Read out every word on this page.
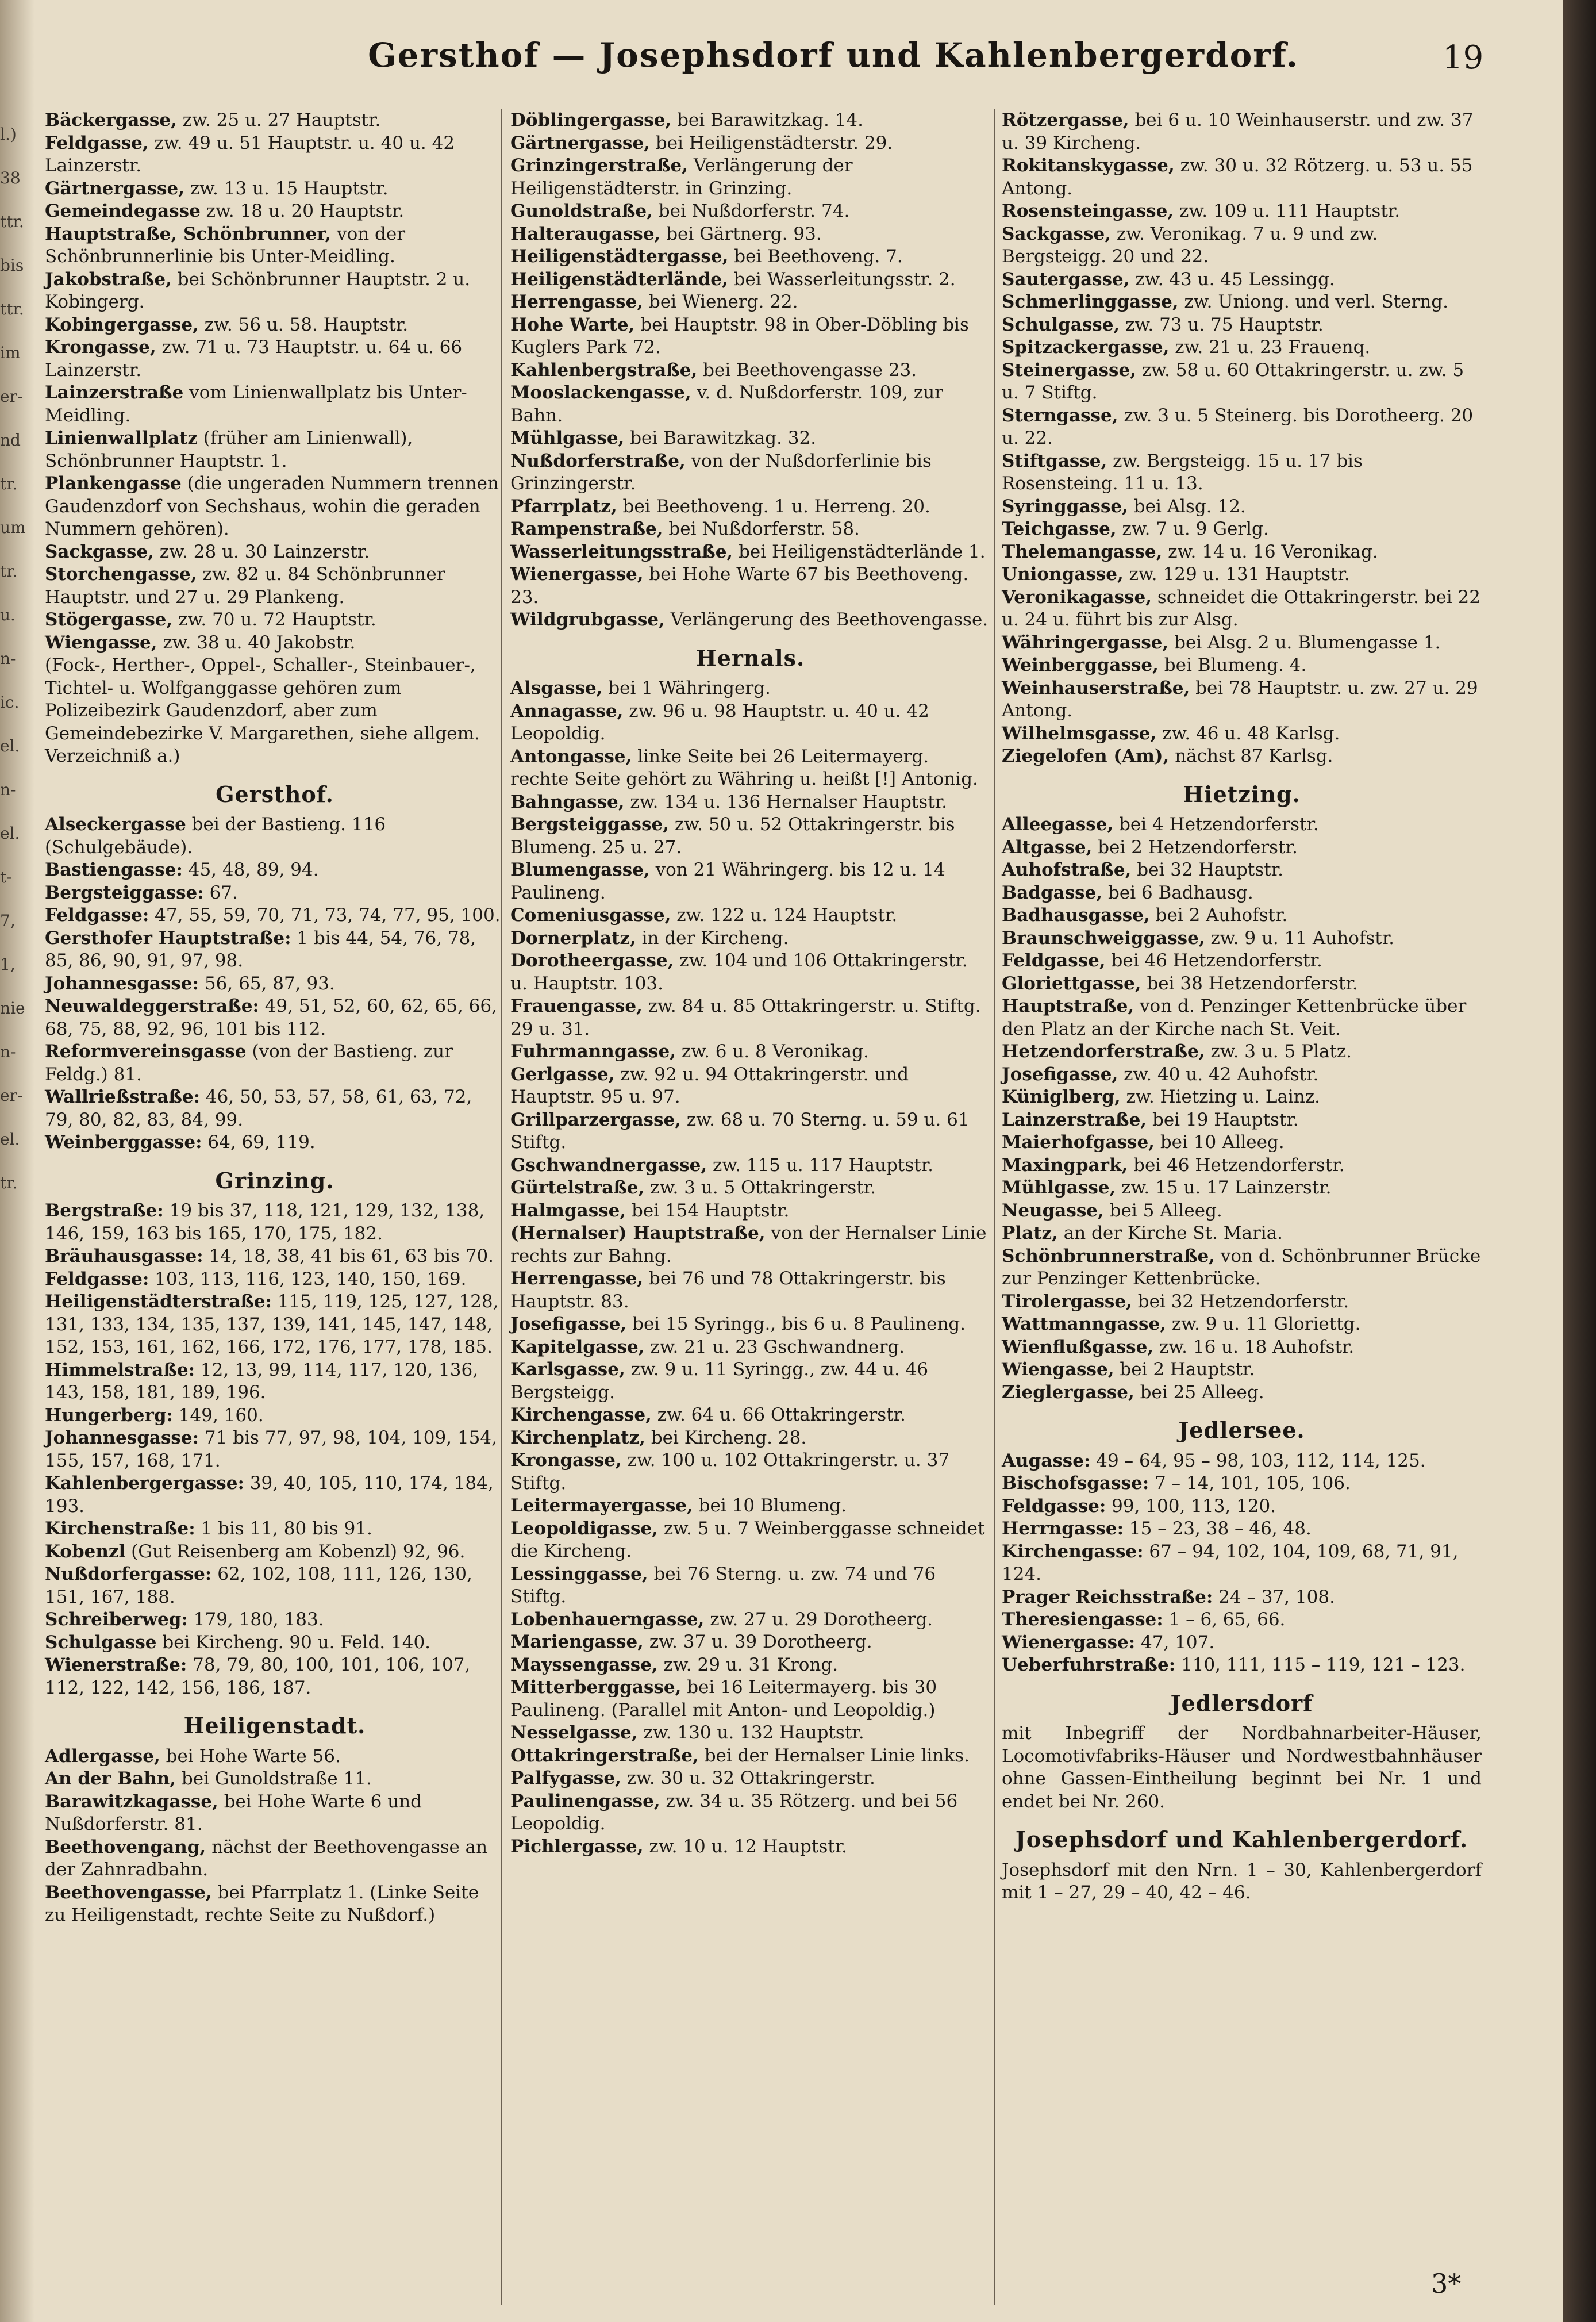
l.)
38
ttr.
bis
ttr.
im
er-
nd
tr.
um
tr.
u.
n-
ic.
el.
n-
el.
t-
7,
1,
nie
n-
er-
el.
tr.
Gersthof — Josephsdorf und Kahlenbergerdorf.	19
Bäckergasse, zw. 25 u. 27 Hauptstr.
Feldgasse, zw. 49 u. 51 Hauptstr. u. 40 u. 42 Lainzerstr.
Gärtnergasse, zw. 13 u. 15 Hauptstr.
Gemeindegasse zw. 18 u. 20 Hauptstr.
Hauptstraße, Schönbrunner, von der Schönbrunnerlinie bis Unter-Meidling.
Jakobstraße, bei Schönbrunner Hauptstr. 2 u. Kobingerg.
Kobingergasse, zw. 56 u. 58. Hauptstr.
Krongasse, zw. 71 u. 73 Hauptstr. u. 64 u. 66 Lainzerstr.
Lainzerstraße vom Linienwallplatz bis Unter-Meidling.
Linienwallplatz (früher am Linienwall), Schönbrunner Hauptstr. 1.
Plankengasse (die ungeraden Nummern trennen Gaudenzdorf von Sechshaus, wohin die geraden Nummern gehören).
Sackgasse, zw. 28 u. 30 Lainzerstr.
Storchengasse, zw. 82 u. 84 Schönbrunner Hauptstr. und 27 u. 29 Plankeng.
Stögergasse, zw. 70 u. 72 Hauptstr.
Wiengasse, zw. 38 u. 40 Jakobstr.
(Fock-, Herther-, Oppel-, Schaller-, Steinbauer-, Tichtel- u. Wolfganggasse gehören zum Polizeibezirk Gaudenzdorf, aber zum Gemeindebezirke V. Margarethen, siehe allgem. Verzeichniß a.)
Gersthof.
Alseckergasse bei der Bastieng. 116 (Schulgebäude).
Bastiengasse: 45, 48, 89, 94.
Bergsteiggasse: 67.
Feldgasse: 47, 55, 59, 70, 71, 73, 74, 77, 95, 100.
Gersthofer Hauptstraße: 1 bis 44, 54, 76, 78, 85, 86, 90, 91, 97, 98.
Johannesgasse: 56, 65, 87, 93.
Neuwaldeggerstraße: 49, 51, 52, 60, 62, 65, 66, 68, 75, 88, 92, 96, 101 bis 112.
Reformvereinsgasse (von der Bastieng. zur Feldg.) 81.
Wallrießstraße: 46, 50, 53, 57, 58, 61, 63, 72, 79, 80, 82, 83, 84, 99.
Weinberggasse: 64, 69, 119.
Grinzing.
Bergstraße: 19 bis 37, 118, 121, 129, 132, 138, 146, 159, 163 bis 165, 170, 175, 182.
Bräuhausgasse: 14, 18, 38, 41 bis 61, 63 bis 70.
Feldgasse: 103, 113, 116, 123, 140, 150, 169.
Heiligenstädterstraße: 115, 119, 125, 127, 128, 131, 133, 134, 135, 137, 139, 141, 145, 147, 148, 152, 153, 161, 162, 166, 172, 176, 177, 178, 185.
Himmelstraße: 12, 13, 99, 114, 117, 120, 136, 143, 158, 181, 189, 196.
Hungerberg: 149, 160.
Johannesgasse: 71 bis 77, 97, 98, 104, 109, 154, 155, 157, 168, 171.
Kahlenbergergasse: 39, 40, 105, 110, 174, 184, 193.
Kirchenstraße: 1 bis 11, 80 bis 91.
Kobenzl (Gut Reisenberg am Kobenzl) 92, 96.
Nußdorfergasse: 62, 102, 108, 111, 126, 130, 151, 167, 188.
Schreiberweg: 179, 180, 183.
Schulgasse bei Kircheng. 90 u. Feld. 140.
Wienerstraße: 78, 79, 80, 100, 101, 106, 107, 112, 122, 142, 156, 186, 187.
Heiligenstadt.
Adlergasse, bei Hohe Warte 56.
An der Bahn, bei Gunoldstraße 11.
Barawitzkagasse, bei Hohe Warte 6 und Nußdorferstr. 81.
Beethovengang, nächst der Beethovengasse an der Zahnradbahn.
Beethovengasse, bei Pfarrplatz 1. (Linke Seite zu Heiligenstadt, rechte Seite zu Nußdorf.)
Döblingergasse, bei Barawitzkag. 14.
Gärtnergasse, bei Heiligenstädterstr. 29.
Grinzingerstraße, Verlängerung der Heiligenstädterstr. in Grinzing.
Gunoldstraße, bei Nußdorferstr. 74.
Halteraugasse, bei Gärtnerg. 93.
Heiligenstädtergasse, bei Beethoveng. 7.
Heiligenstädterlände, bei Wasserleitungsstr. 2.
Herrengasse, bei Wienerg. 22.
Hohe Warte, bei Hauptstr. 98 in Ober-Döbling bis Kuglers Park 72.
Kahlenbergstraße, bei Beethovengasse 23.
Mooslackengasse, v. d. Nußdorferstr. 109, zur Bahn.
Mühlgasse, bei Barawitzkag. 32.
Nußdorferstraße, von der Nußdorferlinie bis Grinzingerstr.
Pfarrplatz, bei Beethoveng. 1 u. Herreng. 20.
Rampenstraße, bei Nußdorferstr. 58.
Wasserleitungsstraße, bei Heiligenstädterlände 1.
Wienergasse, bei Hohe Warte 67 bis Beethoveng. 23.
Wildgrubgasse, Verlängerung des Beethovengasse.
Hernals.
Alsgasse, bei 1 Währingerg.
Annagasse, zw. 96 u. 98 Hauptstr. u. 40 u. 42 Leopoldig.
Antongasse, linke Seite bei 26 Leitermayerg. rechte Seite gehört zu Währing u. heißt [!] Antonig.
Bahngasse, zw. 134 u. 136 Hernalser Hauptstr.
Bergsteiggasse, zw. 50 u. 52 Ottakringerstr. bis Blumeng. 25 u. 27.
Blumengasse, von 21 Währingerg. bis 12 u. 14 Paulineng.
Comeniusgasse, zw. 122 u. 124 Hauptstr.
Dornerplatz, in der Kircheng.
Dorotheergasse, zw. 104 und 106 Ottakringerstr. u. Hauptstr. 103.
Frauengasse, zw. 84 u. 85 Ottakringerstr. u. Stiftg. 29 u. 31.
Fuhrmanngasse, zw. 6 u. 8 Veronikag.
Gerlgasse, zw. 92 u. 94 Ottakringerstr. und Hauptstr. 95 u. 97.
Grillparzergasse, zw. 68 u. 70 Sterng. u. 59 u. 61 Stiftg.
Gschwandnergasse, zw. 115 u. 117 Hauptstr.
Gürtelstraße, zw. 3 u. 5 Ottakringerstr.
Halmgasse, bei 154 Hauptstr.
(Hernalser) Hauptstraße, von der Hernalser Linie rechts zur Bahng.
Herrengasse, bei 76 und 78 Ottakringerstr. bis Hauptstr. 83.
Josefigasse, bei 15 Syringg., bis 6 u. 8 Paulineng.
Kapitelgasse, zw. 21 u. 23 Gschwandnerg.
Karlsgasse, zw. 9 u. 11 Syringg., zw. 44 u. 46 Bergsteigg.
Kirchengasse, zw. 64 u. 66 Ottakringerstr.
Kirchenplatz, bei Kircheng. 28.
Krongasse, zw. 100 u. 102 Ottakringerstr. u. 37 Stiftg.
Leitermayergasse, bei 10 Blumeng.
Leopoldigasse, zw. 5 u. 7 Weinberggasse schneidet die Kircheng.
Lessinggasse, bei 76 Sterng. u. zw. 74 und 76 Stiftg.
Lobenhauerngasse, zw. 27 u. 29 Dorotheerg.
Mariengasse, zw. 37 u. 39 Dorotheerg.
Mayssengasse, zw. 29 u. 31 Krong.
Mitterberggasse, bei 16 Leitermayerg. bis 30 Paulineng. (Parallel mit Anton- und Leopoldig.)
Nesselgasse, zw. 130 u. 132 Hauptstr.
Ottakringerstraße, bei der Hernalser Linie links.
Palfygasse, zw. 30 u. 32 Ottakringerstr.
Paulinengasse, zw. 34 u. 35 Rötzerg. und bei 56 Leopoldig.
Pichlergasse, zw. 10 u. 12 Hauptstr.
Rötzergasse, bei 6 u. 10 Weinhauserstr. und zw. 37 u. 39 Kircheng.
Rokitanskygasse, zw. 30 u. 32 Rötzerg. u. 53 u. 55 Antong.
Rosensteingasse, zw. 109 u. 111 Hauptstr.
Sackgasse, zw. Veronikag. 7 u. 9 und zw. Bergsteigg. 20 und 22.
Sautergasse, zw. 43 u. 45 Lessingg.
Schmerlinggasse, zw. Uniong. und verl. Sterng.
Schulgasse, zw. 73 u. 75 Hauptstr.
Spitzackergasse, zw. 21 u. 23 Frauenq.
Steinergasse, zw. 58 u. 60 Ottakringerstr. u. zw. 5 u. 7 Stiftg.
Sterngasse, zw. 3 u. 5 Steinerg. bis Dorotheerg. 20 u. 22.
Stiftgasse, zw. Bergsteigg. 15 u. 17 bis Rosensteing. 11 u. 13.
Syringgasse, bei Alsg. 12.
Teichgasse, zw. 7 u. 9 Gerlg.
Thelemangasse, zw. 14 u. 16 Veronikag.
Uniongasse, zw. 129 u. 131 Hauptstr.
Veronikagasse, schneidet die Ottakringerstr. bei 22 u. 24 u. führt bis zur Alsg.
Währingergasse, bei Alsg. 2 u. Blumengasse 1.
Weinberggasse, bei Blumeng. 4.
Weinhauserstraße, bei 78 Hauptstr. u. zw. 27 u. 29 Antong.
Wilhelmsgasse, zw. 46 u. 48 Karlsg.
Ziegelofen (Am), nächst 87 Karlsg.
Hietzing.
Alleegasse, bei 4 Hetzendorferstr.
Altgasse, bei 2 Hetzendorferstr.
Auhofstraße, bei 32 Hauptstr.
Badgasse, bei 6 Badhausg.
Badhausgasse, bei 2 Auhofstr.
Braunschweiggasse, zw. 9 u. 11 Auhofstr.
Feldgasse, bei 46 Hetzendorferstr.
Gloriettgasse, bei 38 Hetzendorferstr.
Hauptstraße, von d. Penzinger Kettenbrücke über den Platz an der Kirche nach St. Veit.
Hetzendorferstraße, zw. 3 u. 5 Platz.
Josefigasse, zw. 40 u. 42 Auhofstr.
Küniglberg, zw. Hietzing u. Lainz.
Lainzerstraße, bei 19 Hauptstr.
Maierhofgasse, bei 10 Alleeg.
Maxingpark, bei 46 Hetzendorferstr.
Mühlgasse, zw. 15 u. 17 Lainzerstr.
Neugasse, bei 5 Alleeg.
Platz, an der Kirche St. Maria.
Schönbrunnerstraße, von d. Schönbrunner Brücke zur Penzinger Kettenbrücke.
Tirolergasse, bei 32 Hetzendorferstr.
Wattmanngasse, zw. 9 u. 11 Gloriettg.
Wienflußgasse, zw. 16 u. 18 Auhofstr.
Wiengasse, bei 2 Hauptstr.
Zieglergasse, bei 25 Alleeg.
Jedlersee.
Augasse: 49 – 64, 95 – 98, 103, 112, 114, 125.
Bischofsgasse: 7 – 14, 101, 105, 106.
Feldgasse: 99, 100, 113, 120.
Herrngasse: 15 – 23, 38 – 46, 48.
Kirchengasse: 67 – 94, 102, 104, 109, 68, 71, 91, 124.
Prager Reichsstraße: 24 – 37, 108.
Theresiengasse: 1 – 6, 65, 66.
Wienergasse: 47, 107.
Ueberfuhrstraße: 110, 111, 115 – 119, 121 – 123.
Jedlersdorf
mit Inbegriff der Nordbahnarbeiter-Häuser, Locomotivfabriks-Häuser und Nordwestbahnhäuser ohne Gassen-Eintheilung beginnt bei Nr. 1 und endet bei Nr. 260.
Josephsdorf und Kahlenbergerdorf.
Josephsdorf mit den Nrn. 1 – 30, Kahlenbergerdorf mit 1 – 27, 29 – 40, 42 – 46.
3*
